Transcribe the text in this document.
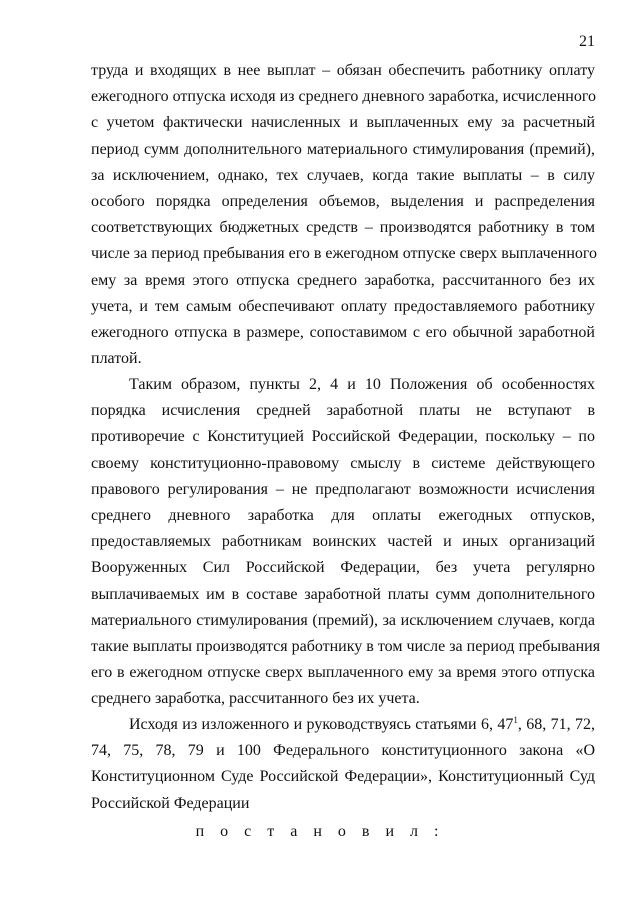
21
труда и входящих в нее выплат – обязан обеспечить работнику оплату
ежегодного отпуска исходя из среднего дневного заработка, исчисленного
с учетом фактически начисленных и выплаченных ему за расчетный
период сумм дополнительного материального стимулирования (премий),
за исключением, однако, тех случаев, когда такие выплаты – в силу
особого порядка определения объемов, выделения и распределения
соответствующих бюджетных средств – производятся работнику в том
числе за период пребывания его в ежегодном отпуске сверх выплаченного
ему за время этого отпуска среднего заработка, рассчитанного без их
учета, и тем самым обеспечивают оплату предоставляемого работнику
ежегодного отпуска в размере, сопоставимом с его обычной заработной
платой.
Таким образом, пункты 2, 4 и 10 Положения об особенностях
порядка исчисления средней заработной платы не вступают в
противоречие с Конституцией Российской Федерации, поскольку – по
своему конституционно-правовому смыслу в системе действующего
правового регулирования – не предполагают возможности исчисления
среднего дневного заработка для оплаты ежегодных отпусков,
предоставляемых работникам воинских частей и иных организаций
Вооруженных Сил Российской Федерации, без учета регулярно
выплачиваемых им в составе заработной платы сумм дополнительного
материального стимулирования (премий), за исключением случаев, когда
такие выплаты производятся работнику в том числе за период пребывания
его в ежегодном отпуске сверх выплаченного ему за время этого отпуска
среднего заработка, рассчитанного без их учета.
Исходя из изложенного и руководствуясь статьями 6, $47^1$, 68, 71, 72,
74, 75, 78, 79 и 100 Федерального конституционного закона «О
Конституционном Суде Российской Федерации», Конституционный Суд
Российской Федерации
п о с т а н о в и л :
